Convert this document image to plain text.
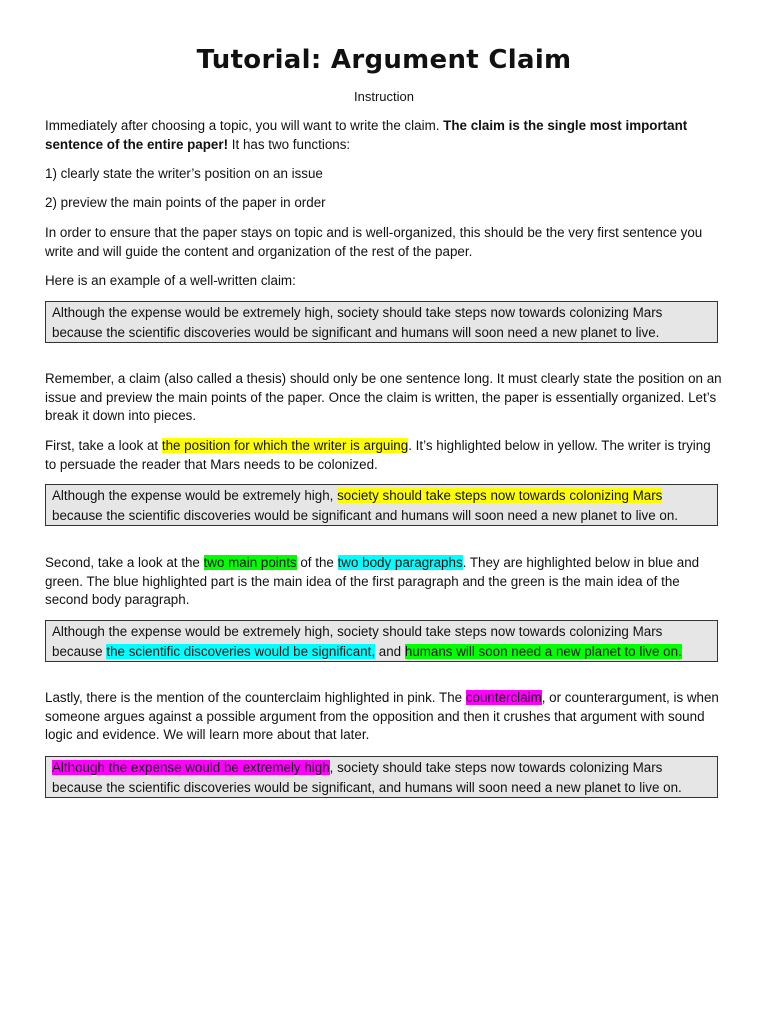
Tutorial: Argument Claim
Instruction

Immediately after choosing a topic, you will want to write the claim. The claim is the single most important sentence of the entire paper! It has two functions:

1) clearly state the writer’s position on an issue

2) preview the main points of the paper in order

In order to ensure that the paper stays on topic and is well-organized, this should be the very first sentence you write and will guide the content and organization of the rest of the paper.

Here is an example of a well-written claim:

Although the expense would be extremely high, society should take steps now towards colonizing Mars because the scientific discoveries would be significant and humans will soon need a new planet to live.

Remember, a claim (also called a thesis) should only be one sentence long. It must clearly state the position on an issue and preview the main points of the paper. Once the claim is written, the paper is essentially organized. Let’s break it down into pieces.

First, take a look at the position for which the writer is arguing. It’s highlighted below in yellow. The writer is trying to persuade the reader that Mars needs to be colonized.

Although the expense would be extremely high, society should take steps now towards colonizing Mars because the scientific discoveries would be significant and humans will soon need a new planet to live on.

Second, take a look at the two main points of the two body paragraphs. They are highlighted below in blue and green. The blue highlighted part is the main idea of the first paragraph and the green is the main idea of the second body paragraph.

Although the expense would be extremely high, society should take steps now towards colonizing Mars because the scientific discoveries would be significant, and humans will soon need a new planet to live on.

Lastly, there is the mention of the counterclaim highlighted in pink. The counterclaim, or counterargument, is when someone argues against a possible argument from the opposition and then it crushes that argument with sound logic and evidence. We will learn more about that later.

Although the expense would be extremely high, society should take steps now towards colonizing Mars because the scientific discoveries would be significant, and humans will soon need a new planet to live on.
